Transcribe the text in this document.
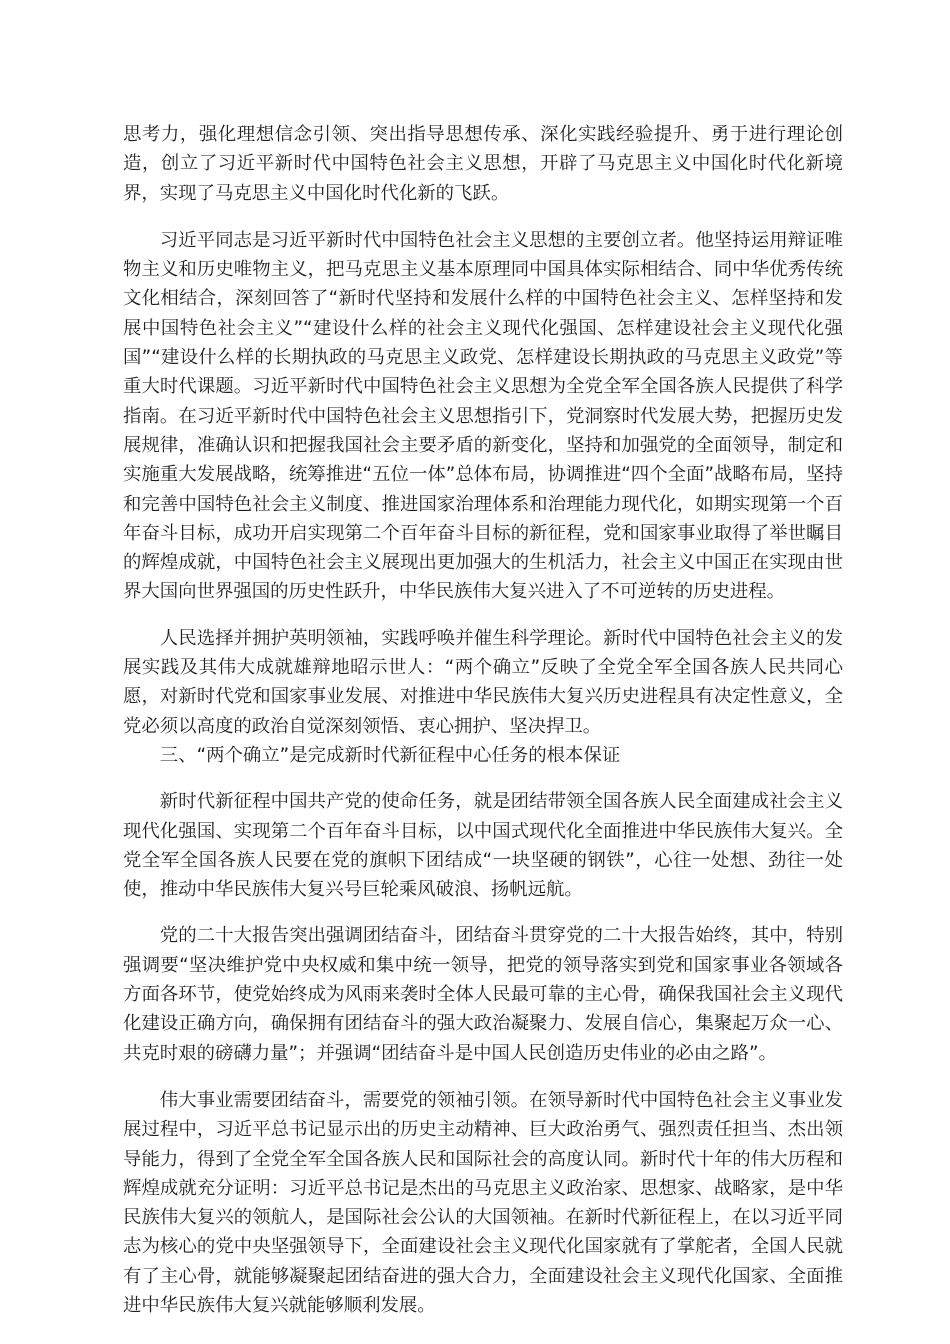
思考力，强化理想信念引领、突出指导思想传承、深化实践经验提升、勇于进行理论创造，创立了习近平新时代中国特色社会主义思想，开辟了马克思主义中国化时代化新境界，实现了马克思主义中国化时代化新的飞跃。

习近平同志是习近平新时代中国特色社会主义思想的主要创立者。他坚持运用辩证唯物主义和历史唯物主义，把马克思主义基本原理同中国具体实际相结合、同中华优秀传统文化相结合，深刻回答了“新时代坚持和发展什么样的中国特色社会主义、怎样坚持和发展中国特色社会主义”“建设什么样的社会主义现代化强国、怎样建设社会主义现代化强国”“建设什么样的长期执政的马克思主义政党、怎样建设长期执政的马克思主义政党”等重大时代课题。习近平新时代中国特色社会主义思想为全党全军全国各族人民提供了科学指南。在习近平新时代中国特色社会主义思想指引下，党洞察时代发展大势，把握历史发展规律，准确认识和把握我国社会主要矛盾的新变化，坚持和加强党的全面领导，制定和实施重大发展战略，统筹推进“五位一体”总体布局，协调推进“四个全面”战略布局，坚持和完善中国特色社会主义制度、推进国家治理体系和治理能力现代化，如期实现第一个百年奋斗目标，成功开启实现第二个百年奋斗目标的新征程，党和国家事业取得了举世瞩目的辉煌成就，中国特色社会主义展现出更加强大的生机活力，社会主义中国正在实现由世界大国向世界强国的历史性跃升，中华民族伟大复兴进入了不可逆转的历史进程。

人民选择并拥护英明领袖，实践呼唤并催生科学理论。新时代中国特色社会主义的发展实践及其伟大成就雄辩地昭示世人：“两个确立”反映了全党全军全国各族人民共同心愿，对新时代党和国家事业发展、对推进中华民族伟大复兴历史进程具有决定性意义，全党必须以高度的政治自觉深刻领悟、衷心拥护、坚决捍卫。

三、“两个确立”是完成新时代新征程中心任务的根本保证

新时代新征程中国共产党的使命任务，就是团结带领全国各族人民全面建成社会主义现代化强国、实现第二个百年奋斗目标，以中国式现代化全面推进中华民族伟大复兴。全党全军全国各族人民要在党的旗帜下团结成“一块坚硬的钢铁”，心往一处想、劲往一处使，推动中华民族伟大复兴号巨轮乘风破浪、扬帆远航。

党的二十大报告突出强调团结奋斗，团结奋斗贯穿党的二十大报告始终，其中，特别强调要“坚决维护党中央权威和集中统一领导，把党的领导落实到党和国家事业各领域各方面各环节，使党始终成为风雨来袭时全体人民最可靠的主心骨，确保我国社会主义现代化建设正确方向，确保拥有团结奋斗的强大政治凝聚力、发展自信心，集聚起万众一心、共克时艰的磅礴力量”；并强调“团结奋斗是中国人民创造历史伟业的必由之路”。

伟大事业需要团结奋斗，需要党的领袖引领。在领导新时代中国特色社会主义事业发展过程中，习近平总书记显示出的历史主动精神、巨大政治勇气、强烈责任担当、杰出领导能力，得到了全党全军全国各族人民和国际社会的高度认同。新时代十年的伟大历程和辉煌成就充分证明：习近平总书记是杰出的马克思主义政治家、思想家、战略家，是中华民族伟大复兴的领航人，是国际社会公认的大国领袖。在新时代新征程上，在以习近平同志为核心的党中央坚强领导下，全面建设社会主义现代化国家就有了掌舵者，全国人民就有了主心骨，就能够凝聚起团结奋进的强大合力，全面建设社会主义现代化国家、全面推进中华民族伟大复兴就能够顺利发展。
